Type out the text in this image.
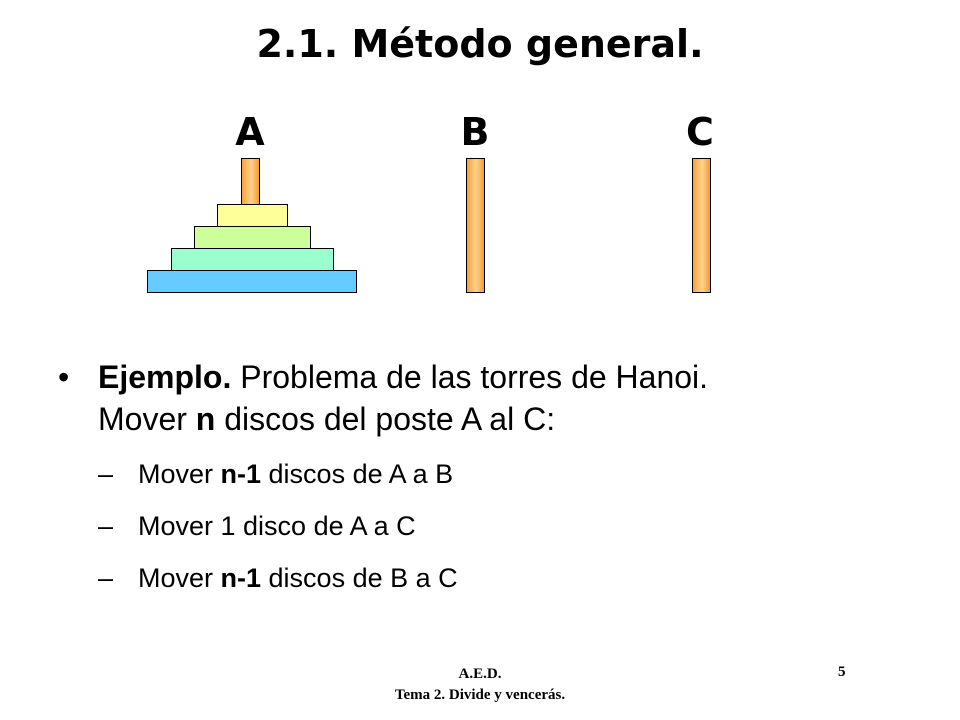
2.1. Método general.
A	B	C
• Ejemplo. Problema de las torres de Hanoi.
Mover n discos del poste A al C:
– Mover n-1 discos de A a B
– Mover 1 disco de A a C
– Mover n-1 discos de B a C
A.E.D.
Tema 2. Divide y vencerás.
5
